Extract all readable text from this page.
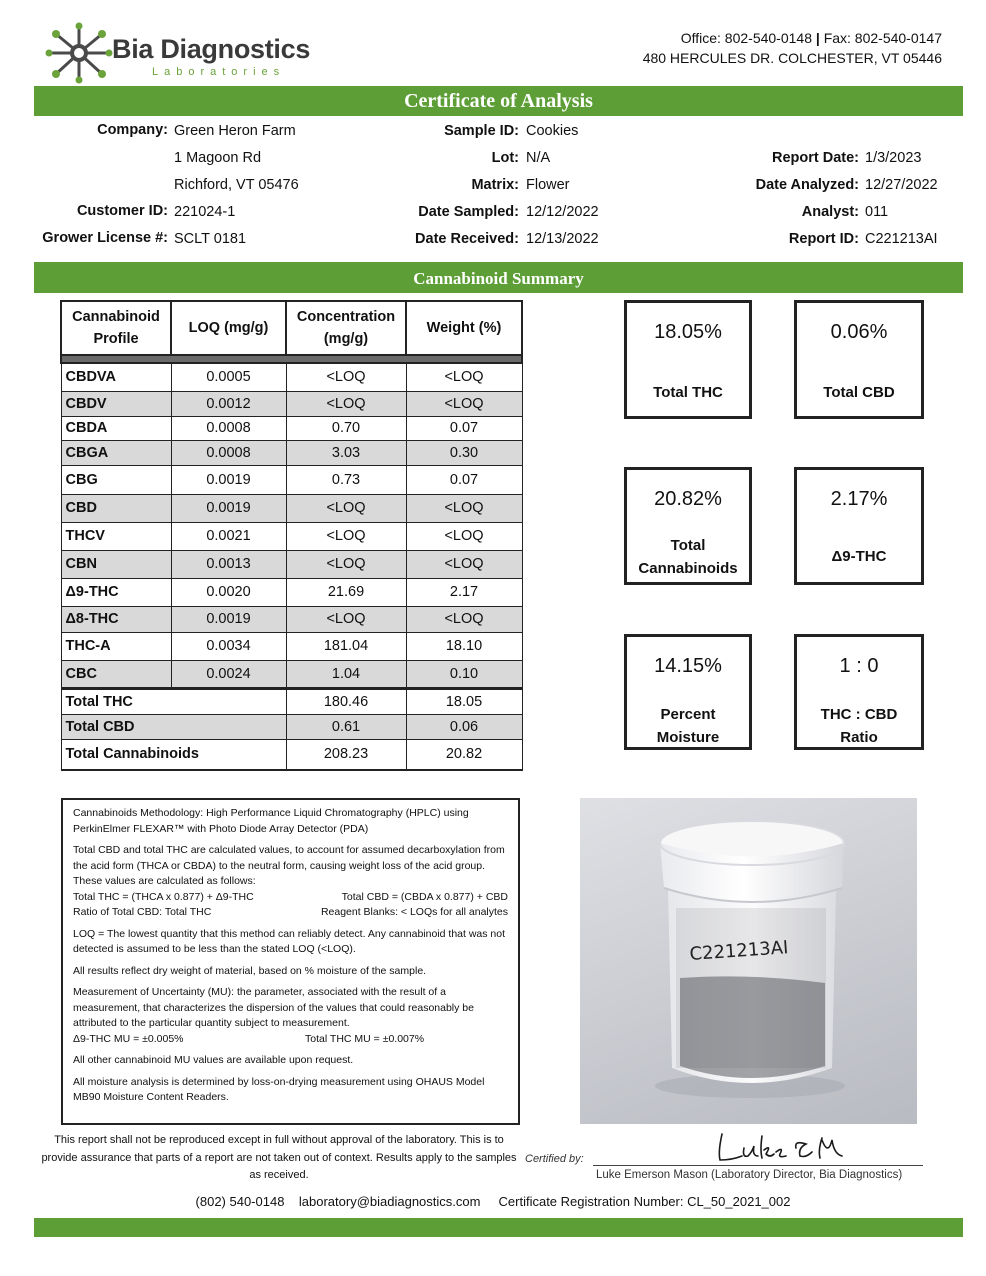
Bia Diagnostics
Laboratories
Office: 802-540-0148 | Fax: 802-540-0147
480 HERCULES DR. COLCHESTER, VT 05446
Certificate of Analysis
Company: Green Heron Farm
1 Magoon Rd
Richford, VT 05476
Customer ID: 221024-1
Grower License #: SCLT 0181
Sample ID: Cookies
Lot: N/A
Matrix: Flower
Date Sampled: 12/12/2022
Date Received: 12/13/2022
Report Date: 1/3/2023
Date Analyzed: 12/27/2022
Analyst: 011
Report ID: C221213AI
Cannabinoid Summary
Cannabinoid Profile	LOQ (mg/g)	Concentration (mg/g)	Weight (%)

CBDVA	0.0005	<LOQ	<LOQ
CBDV	0.0012	<LOQ	<LOQ
CBDA	0.0008	0.70	0.07
CBGA	0.0008	3.03	0.30
CBG	0.0019	0.73	0.07
CBD	0.0019	<LOQ	<LOQ
THCV	0.0021	<LOQ	<LOQ
CBN	0.0013	<LOQ	<LOQ
Δ9-THC	0.0020	21.69	2.17
Δ8-THC	0.0019	<LOQ	<LOQ
THC-A	0.0034	181.04	18.10
CBC	0.0024	1.04	0.10
Total THC		180.46	18.05
Total CBD		0.61	0.06
Total Cannabinoids		208.23	20.82
18.05%
Total THC
0.06%
Total CBD
20.82%
Total
Cannabinoids
2.17%
Δ9-THC
14.15%
Percent
Moisture
1 : 0
THC : CBD
Ratio

Cannabinoids Methodology: High Performance Liquid Chromatography (HPLC) using PerkinElmer FLEXAR™ with Photo Diode Array Detector (PDA)

Total CBD and total THC are calculated values, to account for assumed decarboxylation from the acid form (THCA or CBDA) to the neutral form, causing weight loss of the acid group. These values are calculated as follows:

Total THC = (THCA x 0.877) + Δ9-THC	Total CBD = (CBDA x 0.877) + CBD
Ratio of Total CBD: Total THC	Reagent Blanks: < LOQs for all analytes

LOQ = The lowest quantity that this method can reliably detect. Any cannabinoid that was not detected is assumed to be less than the stated LOQ (<LOQ).

All results reflect dry weight of material, based on % moisture of the sample.

Measurement of Uncertainty (MU): the parameter, associated with the result of a measurement, that characterizes the dispersion of the values that could reasonably be attributed to the particular quantity subject to measurement.

Δ9-THC MU = ±0.005%	Total THC MU = ±0.007%

All other cannabinoid MU values are available upon request.

All moisture analysis is determined by loss-on-drying measurement using OHAUS Model MB90 Moisture Content Readers.

C221213AI
This report shall not be reproduced except in full without approval of the laboratory. This is to provide assurance that parts of a report are not taken out of context. Results apply to the samples as received.
Certified by:
Luke Emerson Mason (Laboratory Director, Bia Diagnostics)
(802) 540-0148 laboratory@biadiagnostics.com Certificate Registration Number: CL_50_2021_002
